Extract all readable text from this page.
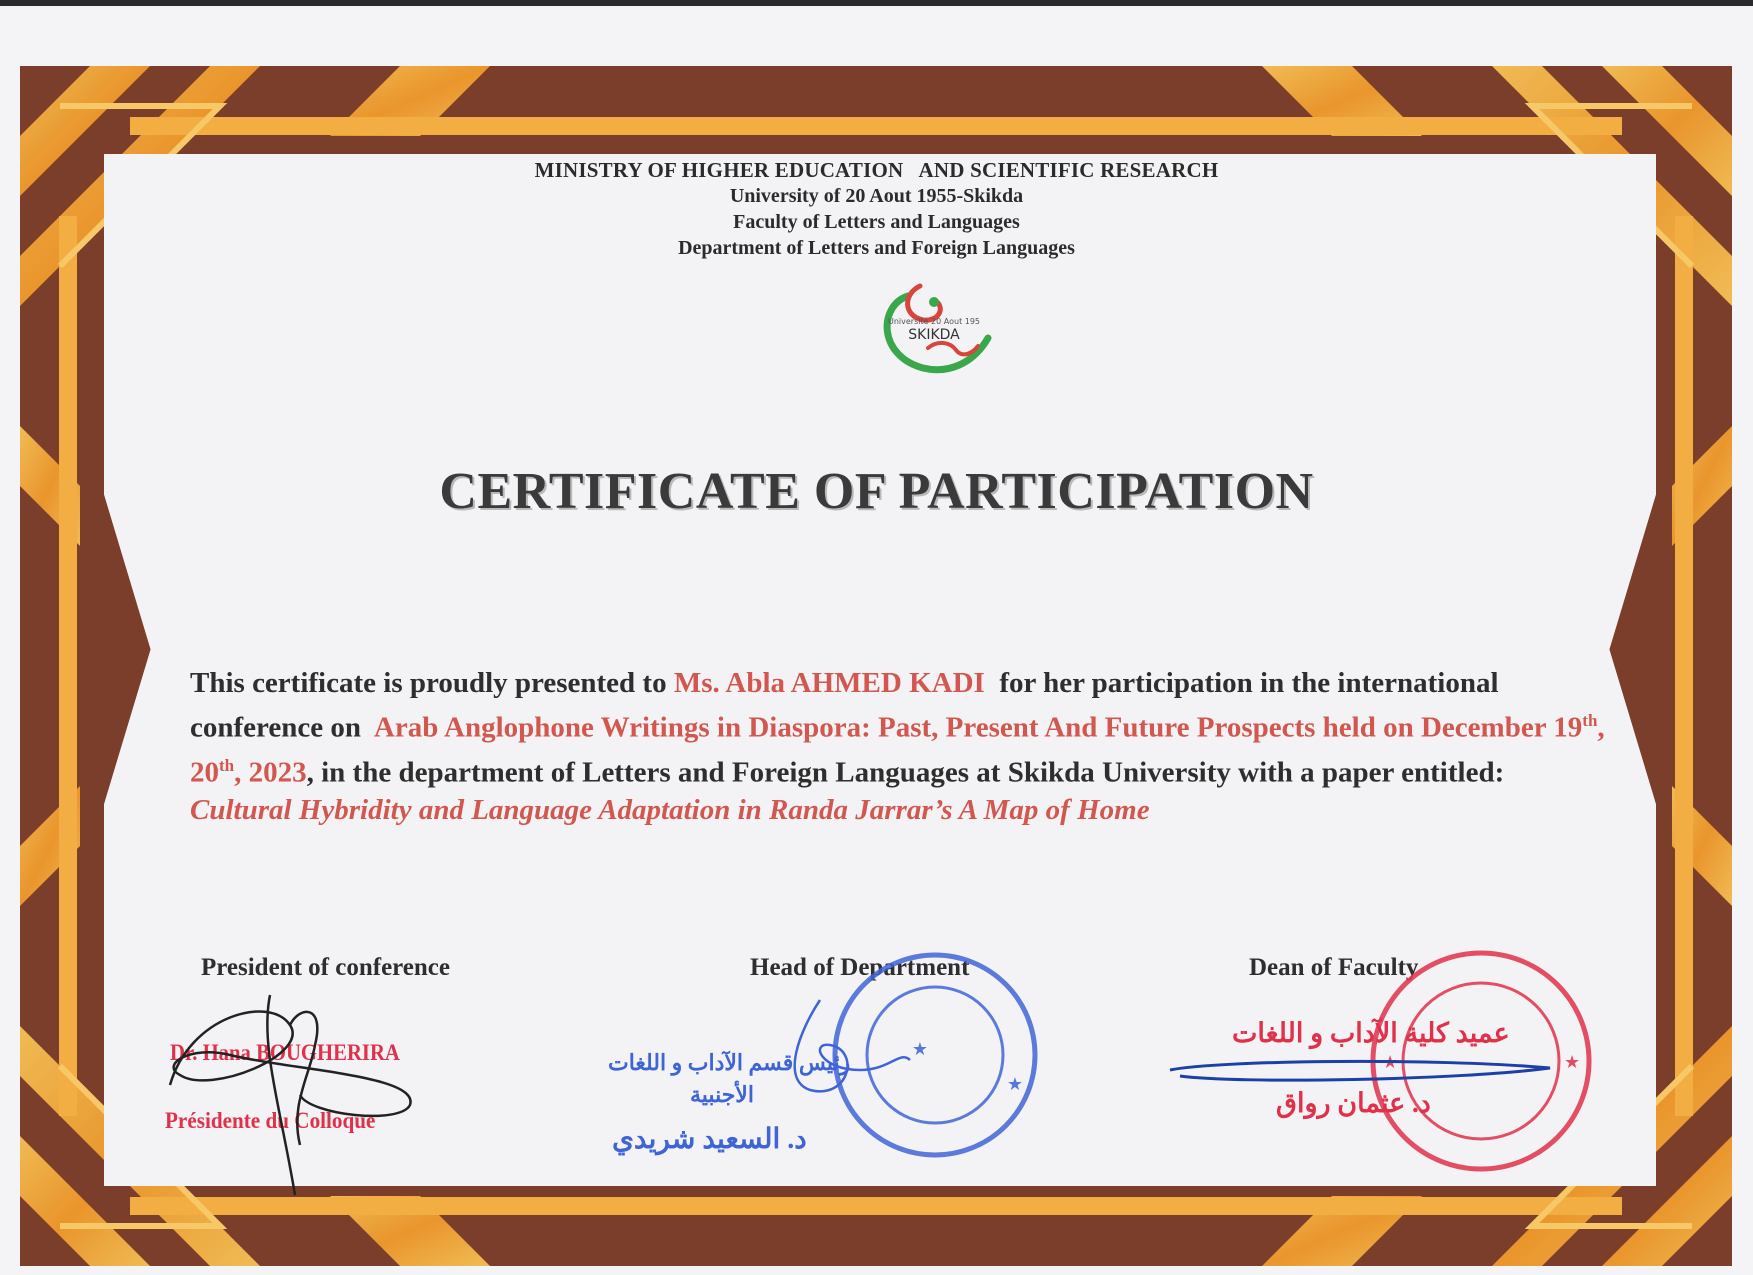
MINISTRY OF HIGHER EDUCATION   AND SCIENTIFIC RESEARCH
University of 20 Aout 1955-Skikda
Faculty of Letters and Languages
Department of Letters and Foreign Languages
Universite 20 Aout 195
SKIKDA
CERTIFICATE OF PARTICIPATION
This certificate is proudly presented to Ms. Abla AHMED KADI  for her participation in the international conference on  Arab Anglophone Writings in Diaspora: Past, Present And Future Prospects held on December 19th, 20th, 2023, in the department of Letters and Foreign Languages at Skikda University with a paper entitled: Cultural Hybridity and Language Adaptation in Randa Jarrar’s A Map of Home
President of conference
Dr. Hana BOUGHERIRA
Présidente du Colloque
Head of Department
رئيس قسم الآداب و اللغات
الأجنبية
د. السعيد شريدي
★
★
Dean of Faculty
عميد كلية الآداب و اللغات
د. عثمان رواق
★	★
